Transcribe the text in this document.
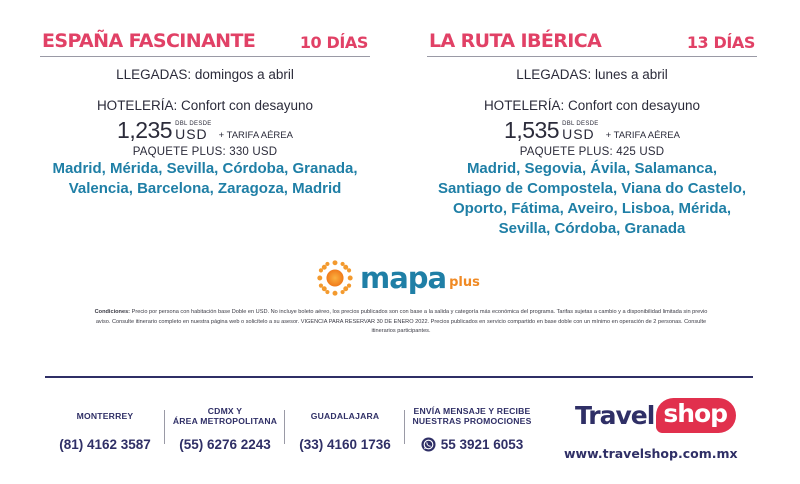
ESPAÑA FASCINANTE	10 DÍAS
LLEGADAS: domingos a abril
HOTELERÍA: Confort con desayuno
1,235 DBL DESDE
USD	+ TARIFA AÉREA
PAQUETE PLUS: 330 USD
Madrid, Mérida, Sevilla, Córdoba, Granada,
Valencia, Barcelona, Zaragoza, Madrid
LA RUTA IBÉRICA	13 DÍAS
LLEGADAS: lunes a abril
HOTELERÍA: Confort con desayuno
1,535 DBL DESDE
USD	+ TARIFA AÉREA
PAQUETE PLUS: 425 USD
Madrid, Segovia, Ávila, Salamanca,
Santiago de Compostela, Viana do Castelo,
Oporto, Fátima, Aveiro, Lisboa, Mérida,
Sevilla, Córdoba, Granada
mapa plus

Condiciones: Precio por persona con habitación base Doble en USD. No incluye boleto aéreo, los precios publicados son con base a la salida y categoría más económica del programa. Tarifas sujetas a cambio y a disponibilidad limitada sin previo aviso. Consulte itinerario completo en nuestra página web o solicítelo a su asesor. VIGENCIA PARA RESERVAR 30 DE ENERO 2022. Precios publicados en servicio compartido en base doble con un mínimo en operación de 2 personas. Consulte itinerarios participantes.

MONTERREY
(81) 4162 3587
CDMX Y
ÁREA METROPOLITANA
(55) 6276 2243
GUADALAJARA
(33) 4160 1736
ENVÍA MENSAJE Y RECIBE
NUESTRAS PROMOCIONES
55 3921 6053
Travel shop
www.travelshop.com.mx
